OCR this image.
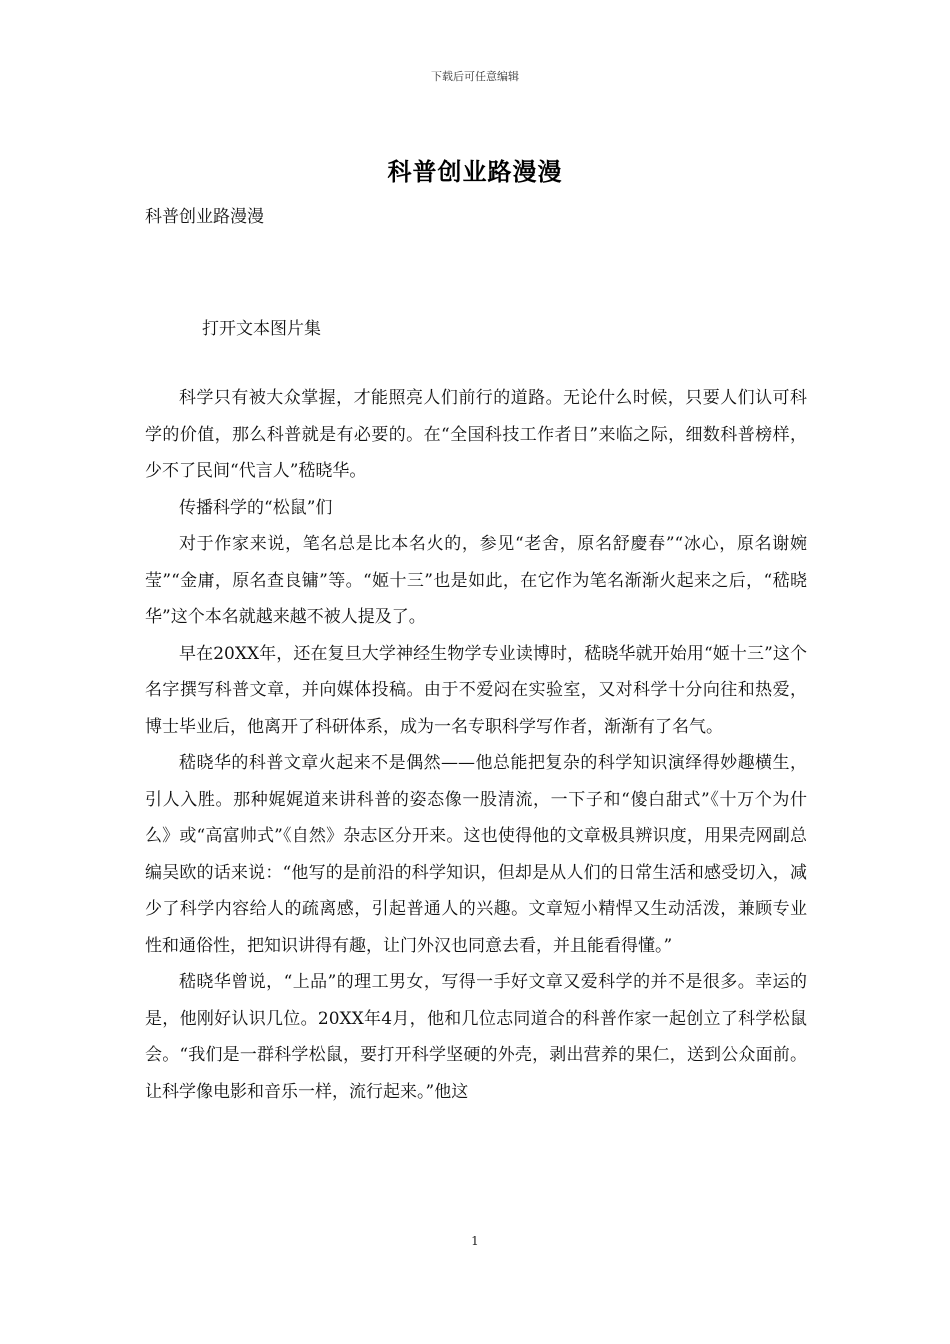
下载后可任意编辑
科普创业路漫漫
科普创业路漫漫
打开文本图片集

科学只有被大众掌握，才能照亮人们前行的道路。无论什么时候，只要人们认可科学的价值，那么科普就是有必要的。在“全国科技工作者日”来临之际，细数科普榜样，少不了民间“代言人”嵇晓华。

传播科学的“松鼠”们

对于作家来说，笔名总是比本名火的，参见“老舍，原名舒慶春”“冰心，原名谢婉莹”“金庸，原名查良镛”等。“姬十三”也是如此，在它作为笔名渐渐火起来之后，“嵇晓华”这个本名就越来越不被人提及了。

早在20XX年，还在复旦大学神经生物学专业读博时，嵇晓华就开始用“姬十三”这个名字撰写科普文章，并向媒体投稿。由于不爱闷在实验室，又对科学十分向往和热爱，博士毕业后，他离开了科研体系，成为一名专职科学写作者，渐渐有了名气。

嵇晓华的科普文章火起来不是偶然——他总能把复杂的科学知识演绎得妙趣横生，引人入胜。那种娓娓道来讲科普的姿态像一股清流，一下子和“傻白甜式”《十万个为什么》或“高富帅式”《自然》杂志区分开来。这也使得他的文章极具辨识度，用果壳网副总编吴欧的话来说：“他写的是前沿的科学知识，但却是从人们的日常生活和感受切入，减少了科学内容给人的疏离感，引起普通人的兴趣。文章短小精悍又生动活泼，兼顾专业性和通俗性，把知识讲得有趣，让门外汉也同意去看，并且能看得懂。”

嵇晓华曾说，“上品”的理工男女，写得一手好文章又爱科学的并不是很多。幸运的是，他刚好认识几位。20XX年4月，他和几位志同道合的科普作家一起创立了科学松鼠会。“我们是一群科学松鼠，要打开科学坚硬的外壳，剥出营养的果仁，送到公众面前。让科学像电影和音乐一样，流行起来。”他这

1
